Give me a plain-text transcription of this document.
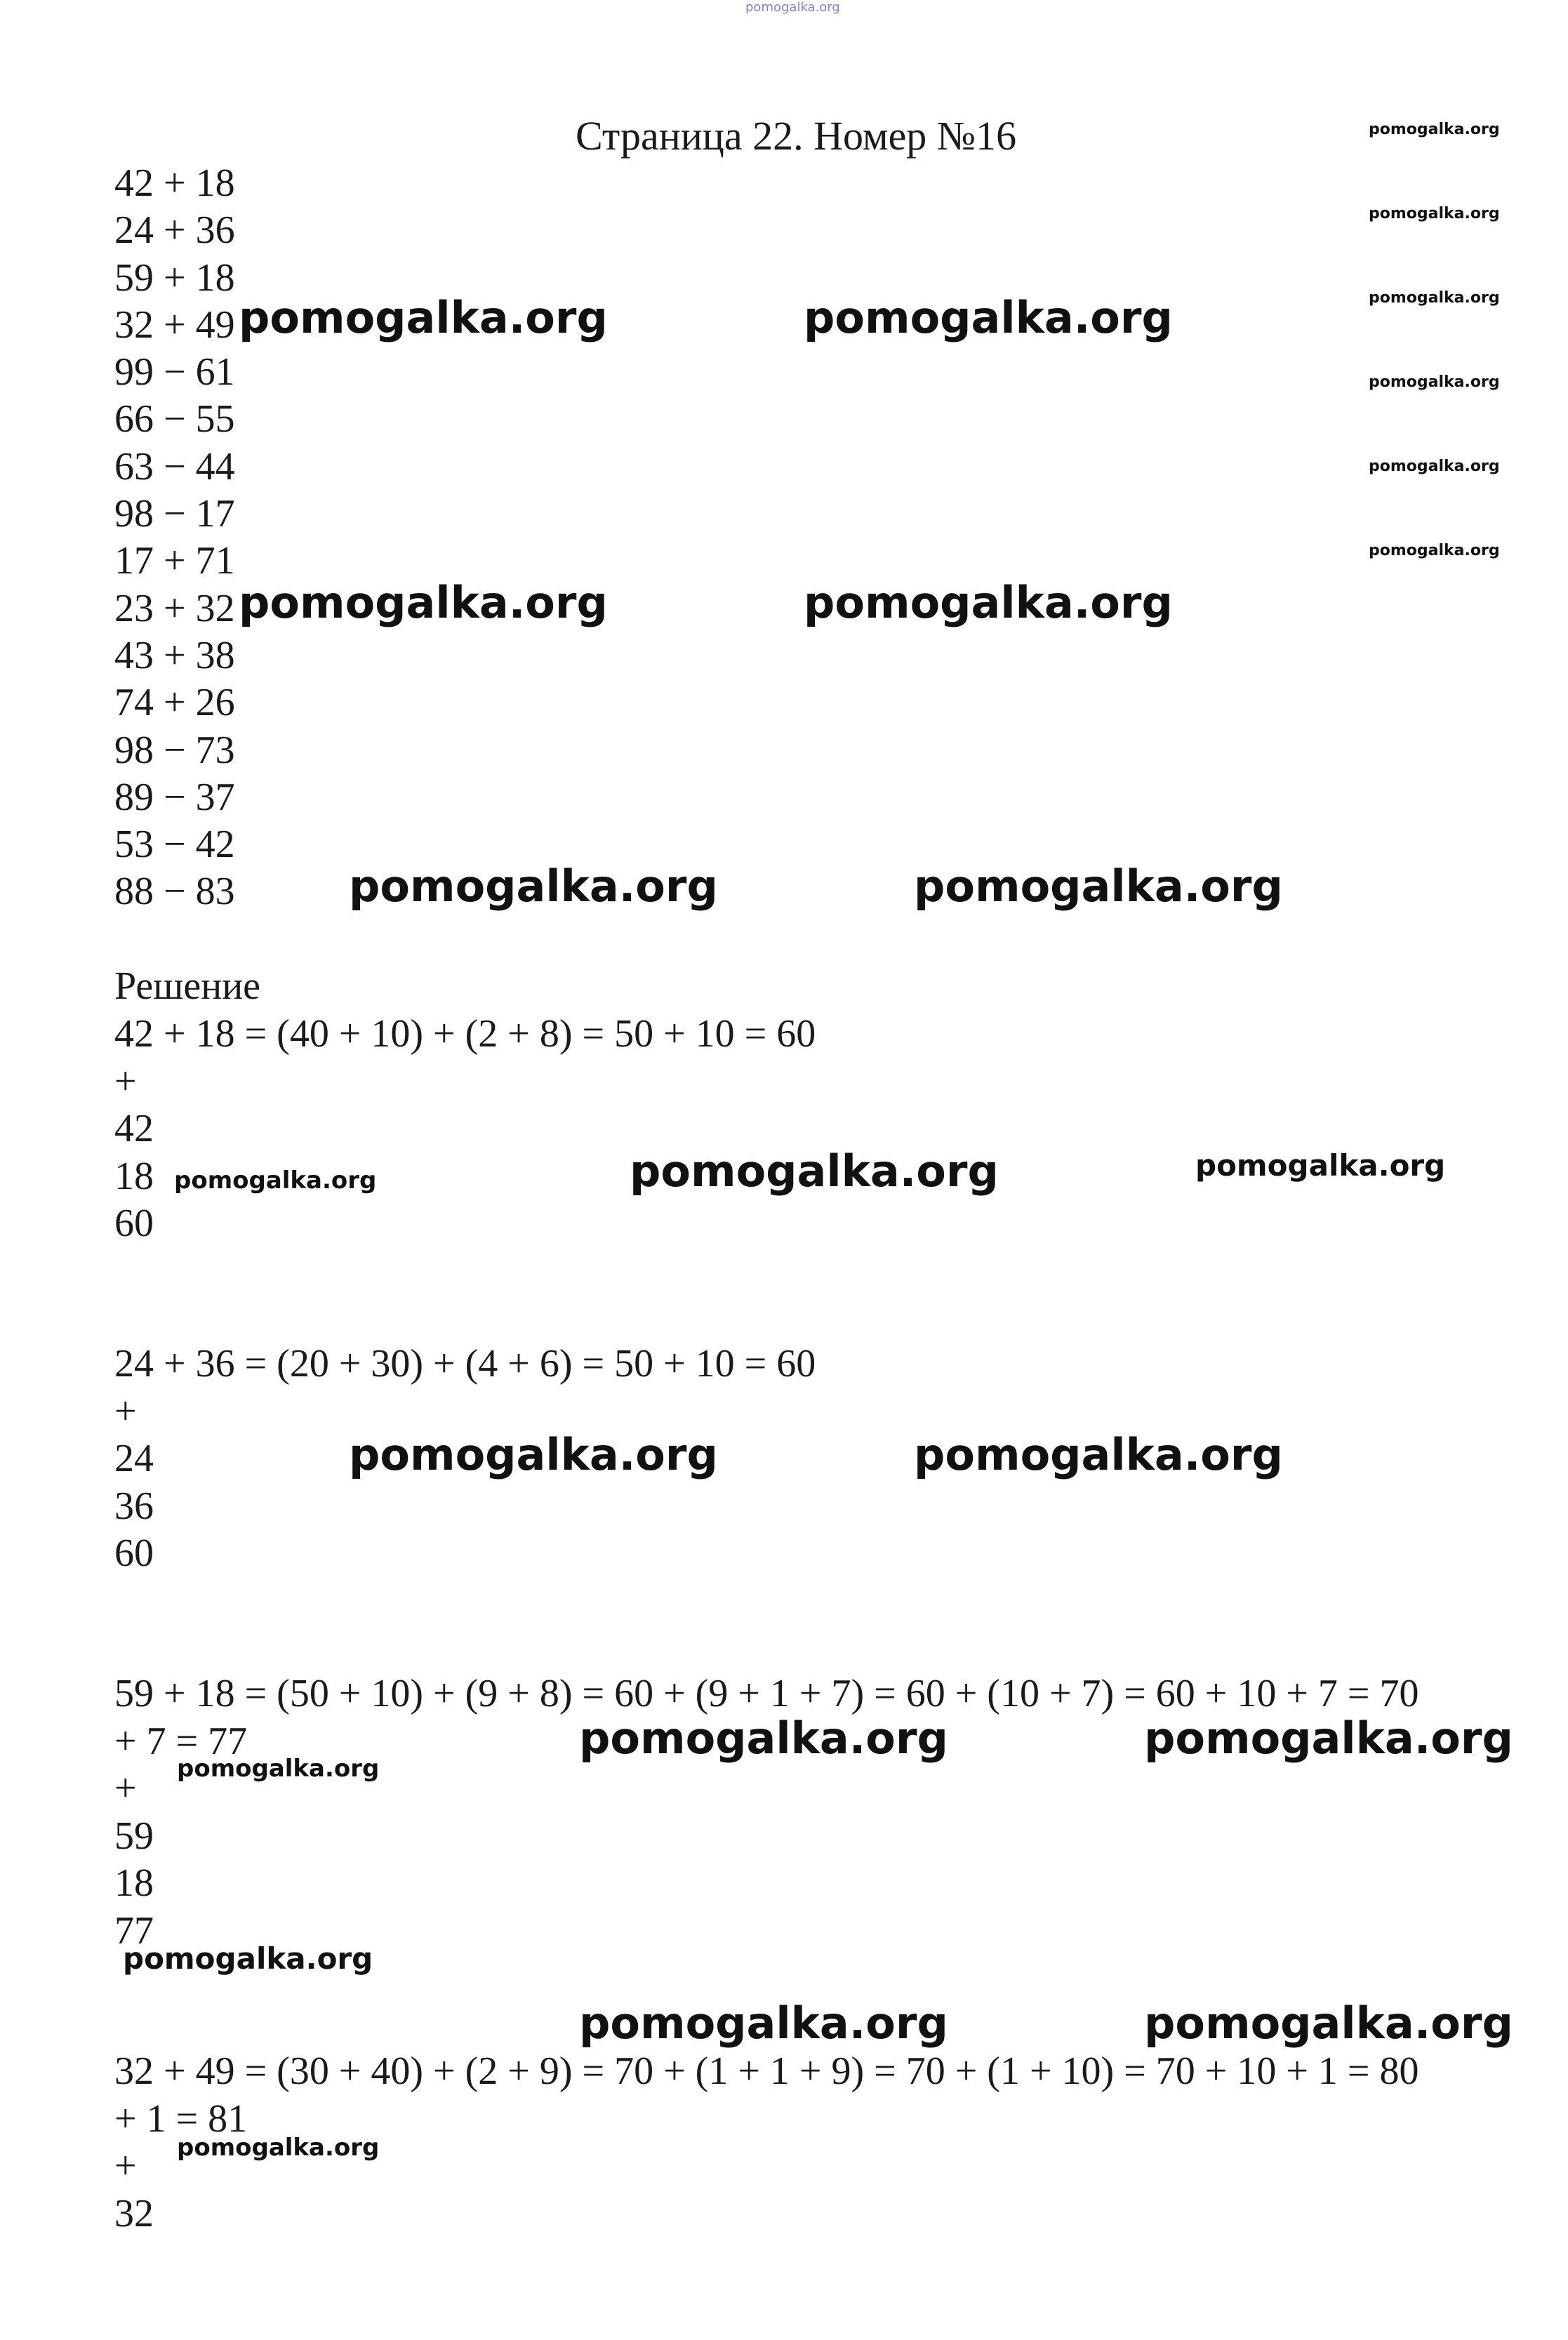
pomogalka.org
Страница 22. Номер №16
42 + 18
24 + 36
59 + 18
32 + 49
99 − 61
66 − 55
63 − 44
98 − 17
17 + 71
23 + 32
43 + 38
74 + 26
98 − 73
89 − 37
53 − 42
88 − 83
Решение
42 + 18 = (40 + 10) + (2 + 8) = 50 + 10 = 60
+
42
18
60
24 + 36 = (20 + 30) + (4 + 6) = 50 + 10 = 60
+
24
36
60
59 + 18 = (50 + 10) + (9 + 8) = 60 + (9 + 1 + 7) = 60 + (10 + 7) = 60 + 10 + 7 = 70
+ 7 = 77
+
59
18
77
32 + 49 = (30 + 40) + (2 + 9) = 70 + (1 + 1 + 9) = 70 + (1 + 10) = 70 + 10 + 1 = 80
+ 1 = 81
+
32
pomogalka.org
pomogalka.org
pomogalka.org
pomogalka.org
pomogalka.org
pomogalka.org
pomogalka.org	pomogalka.org
pomogalka.org	pomogalka.org
pomogalka.org	pomogalka.org
pomogalka.org	pomogalka.org	pomogalka.org
pomogalka.org	pomogalka.org
pomogalka.org	pomogalka.org
pomogalka.org
pomogalka.org
pomogalka.org	pomogalka.org
pomogalka.org
